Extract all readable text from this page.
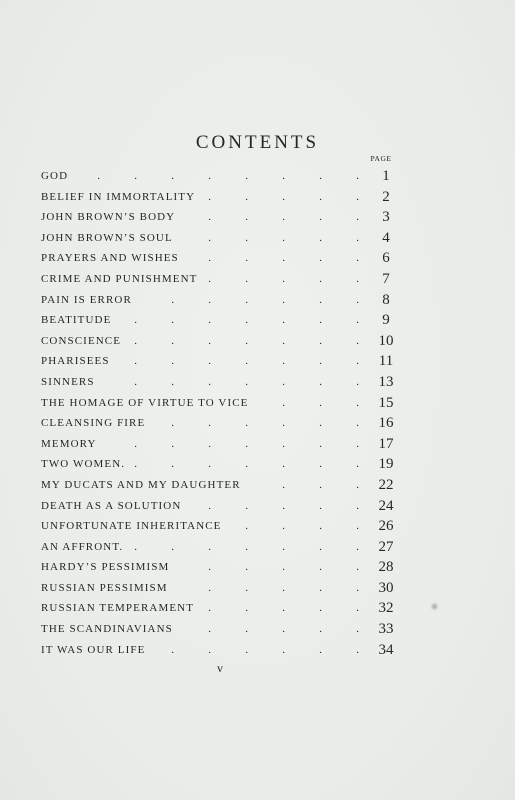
CONTENTS
PAGE
.	.	.	.	.	.	.	.
GOD	1
.	.	.	.	.
BELIEF IN IMMORTALITY	2
.	.	.	.	.
JOHN BROWN’S BODY	3
.	.	.	.	.
JOHN BROWN’S SOUL	4
.	.	.	.	.
PRAYERS AND WISHES	6
.	.	.	.	.
CRIME AND PUNISHMENT	7
.	.	.	.	.	.
PAIN IS ERROR	8
.	.	.	.	.	.	.
BEATITUDE	9
.	.	.	.	.	.	.
CONSCIENCE	10
.	.	.	.	.	.	.
PHARISEES	11
.	.	.	.	.	.	.
SINNERS	13
.	.	.
THE HOMAGE OF VIRTUE TO VICE	15
.	.	.	.	.	.
CLEANSING FIRE	16
.	.	.	.	.	.	.
MEMORY	17
.	.	.	.	.	.	.
TWO WOMEN.	19
.	.	.
MY DUCATS AND MY DAUGHTER	22
.	.	.	.	.
DEATH AS A SOLUTION	24
.	.	.	.
UNFORTUNATE INHERITANCE	26
.	.	.	.	.	.	.
AN AFFRONT.	27
.	.	.	.	.
HARDY’S PESSIMISM	28
.	.	.	.	.
RUSSIAN PESSIMISM	30
.	.	.	.	.
RUSSIAN TEMPERAMENT	32
.	.	.	.	.
THE SCANDINAVIANS	33
.	.	.	.	.	.
IT WAS OUR LIFE	34
v
